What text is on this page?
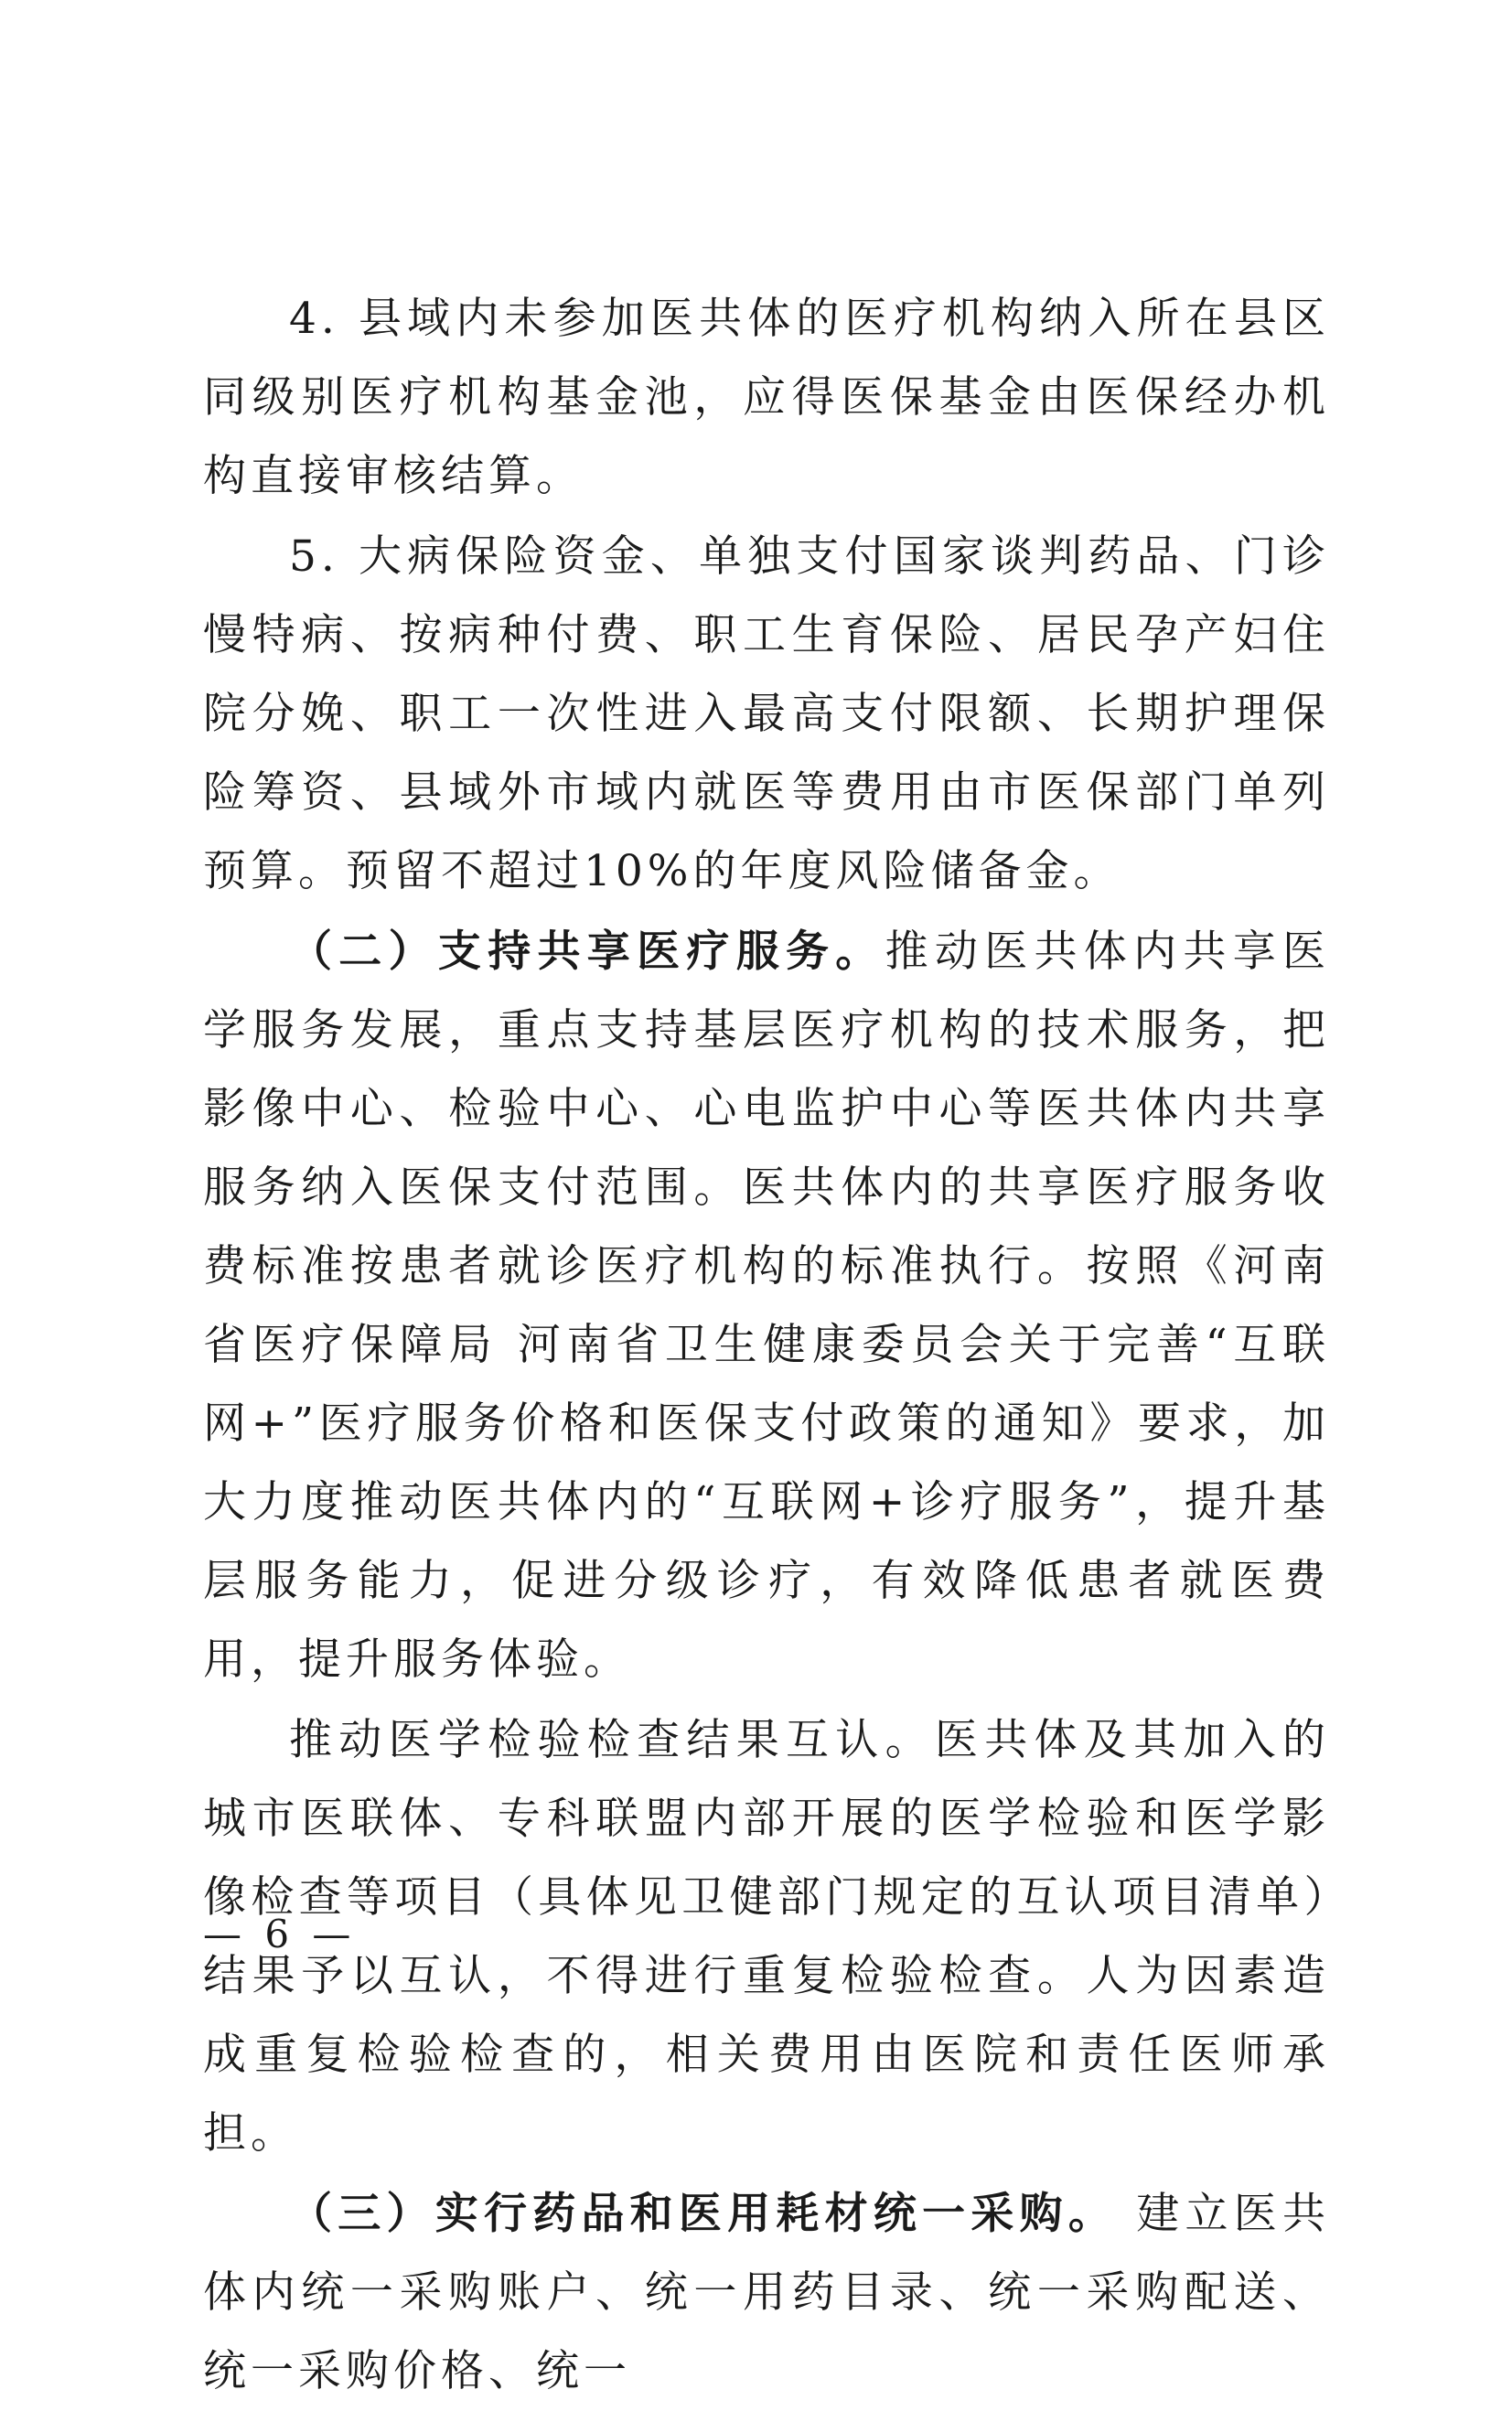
4. 县域内未参加医共体的医疗机构纳入所在县区同级别医疗机构基金池，应得医保基金由医保经办机构直接审核结算。

5. 大病保险资金、单独支付国家谈判药品、门诊慢特病、按病种付费、职工生育保险、居民孕产妇住院分娩、职工一次性进入最高支付限额、长期护理保险筹资、县域外市域内就医等费用由市医保部门单列预算。预留不超过10%的年度风险储备金。

（二）支持共享医疗服务。推动医共体内共享医学服务发展，重点支持基层医疗机构的技术服务，把影像中心、检验中心、心电监护中心等医共体内共享服务纳入医保支付范围。医共体内的共享医疗服务收费标准按患者就诊医疗机构的标准执行。按照《河南省医疗保障局 河南省卫生健康委员会关于完善“互联网+”医疗服务价格和医保支付政策的通知》要求，加大力度推动医共体内的“互联网+诊疗服务”，提升基层服务能力，促进分级诊疗，有效降低患者就医费用，提升服务体验。

推动医学检验检查结果互认。医共体及其加入的城市医联体、专科联盟内部开展的医学检验和医学影像检查等项目（具体见卫健部门规定的互认项目清单）结果予以互认，不得进行重复检验检查。人为因素造成重复检验检查的，相关费用由医院和责任医师承担。

（三）实行药品和医用耗材统一采购。 建立医共体内统一采购账户、统一用药目录、统一采购配送、统一采购价格、统一

— 6 —
